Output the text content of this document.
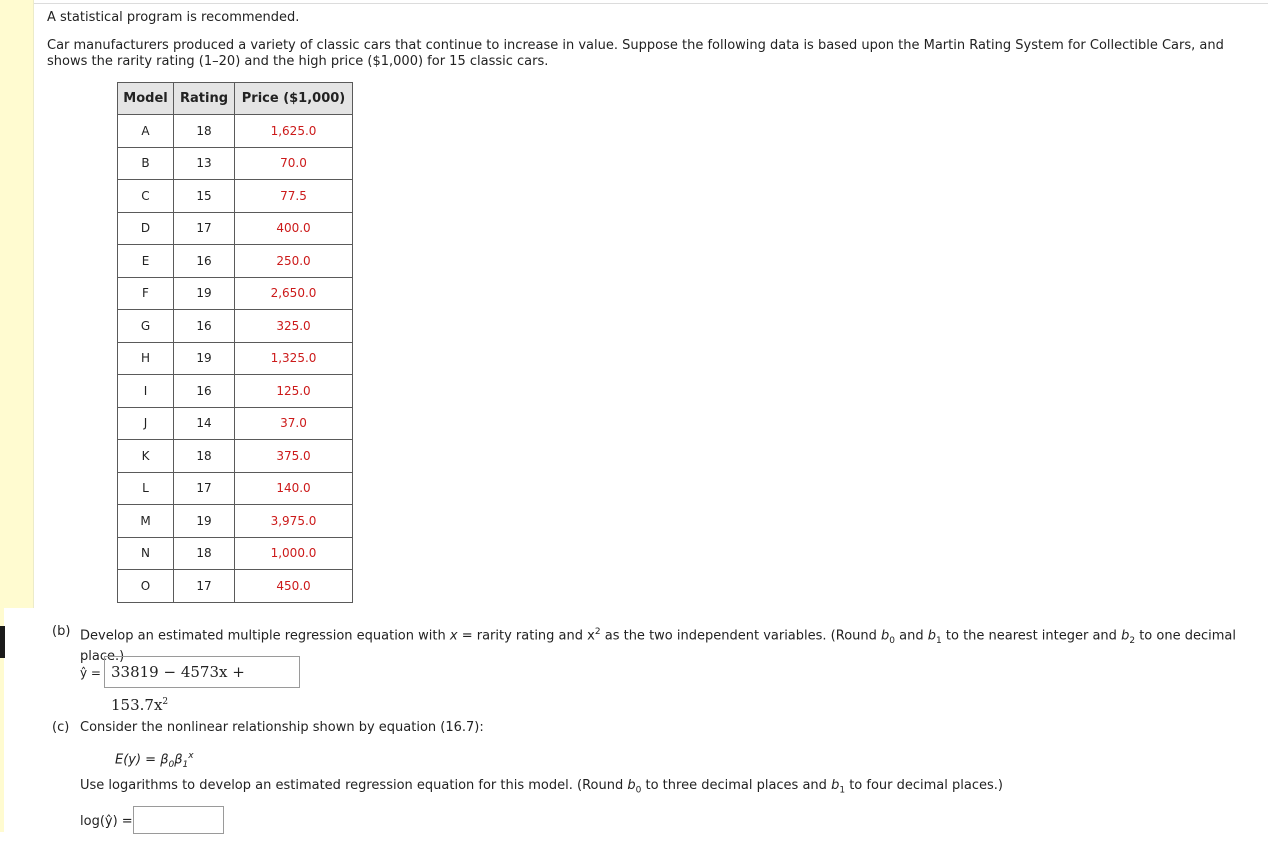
A statistical program is recommended.

Car manufacturers produced a variety of classic cars that continue to increase in value. Suppose the following data is based upon the Martin Rating System for Collectible Cars, and shows the rarity rating (1–20) and the high price ($1,000) for 15 classic cars.

Model	Rating	Price ($1,000)
A	18	1,625.0
B	13	70.0
C	15	77.5
D	17	400.0
E	16	250.0
F	19	2,650.0
G	16	325.0
H	19	1,325.0
I	16	125.0
J	14	37.0
K	18	375.0
L	17	140.0
M	19	3,975.0
N	18	1,000.0
O	17	450.0

(b) Develop an estimated multiple regression equation with x = rarity rating and $x^2$ as the two independent variables. (Round $b_0$ and $b_1$ to the nearest integer and $b_2$ to one decimal place.)

ŷ = $33819 - 4573x + 153.7x^2$

(c) Consider the nonlinear relationship shown by equation (16.7):

$E(y) = \beta_0\beta_1^x$

Use logarithms to develop an estimated regression equation for this model. (Round $b_0$ to three decimal places and $b_1$ to four decimal places.)

log(ŷ) =
